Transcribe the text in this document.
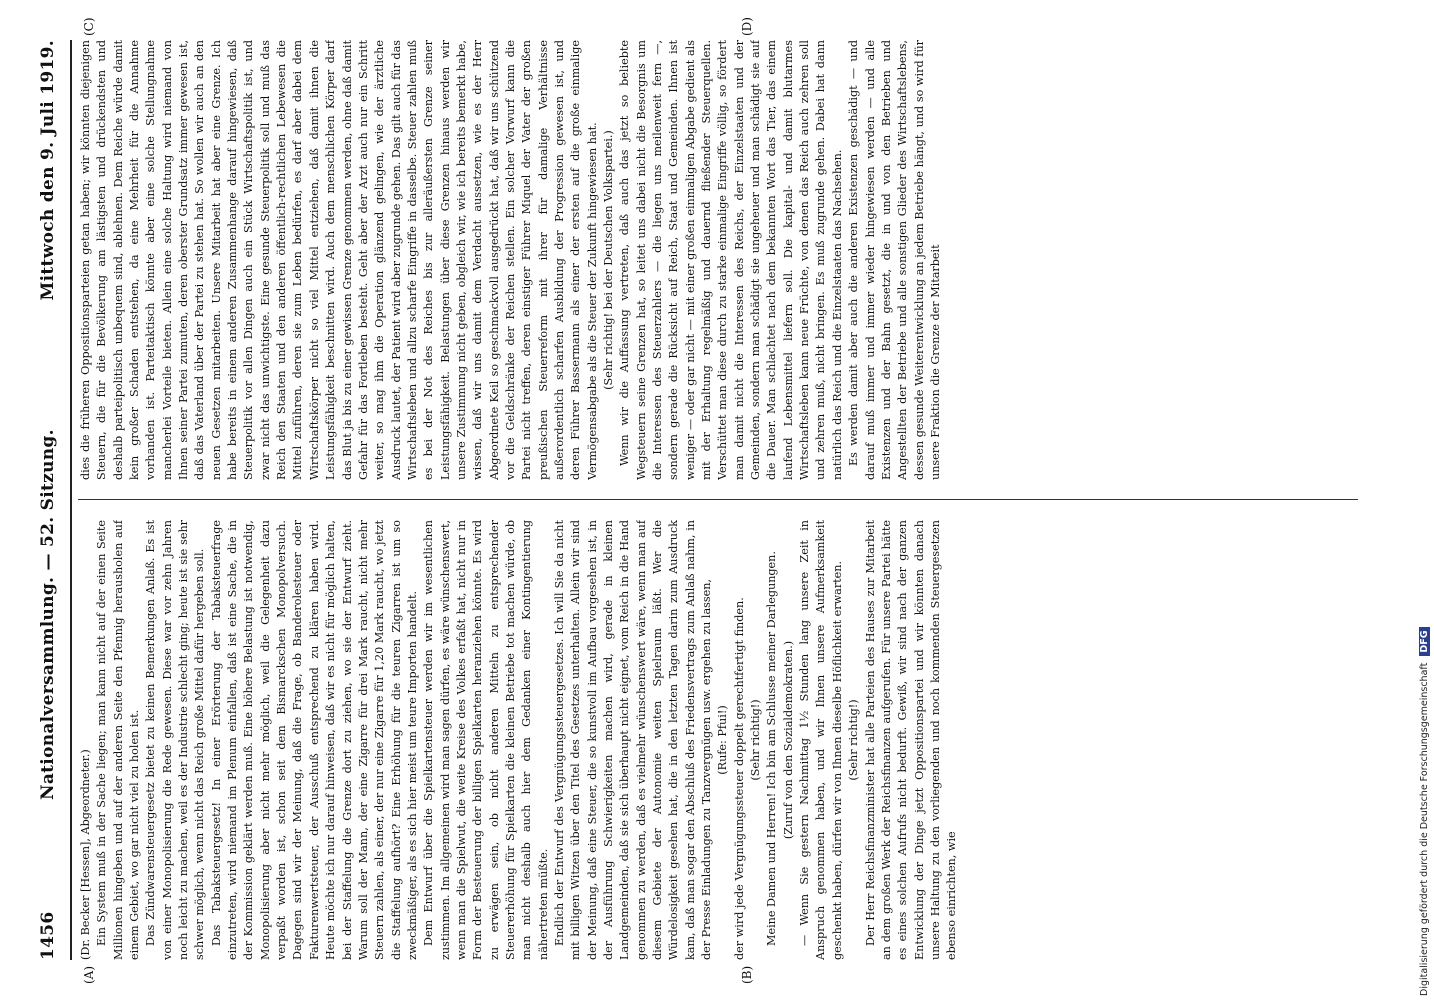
1456
Nationalversammlung. — 52. Sitzung.
Mittwoch den 9. Juli 1919.
(A)	(B)
(C)	(D)

(Dr. Becker [Hessen], Abgeordneter.) Ein System muß in der Sache liegen; man kann nicht auf der einen Seite Millionen hingeben und auf der anderen Seite den Pfennig herausholen auf einem Gebiet, wo gar nicht viel zu holen ist. Das Zündwarensteuergesetz bietet zu keinen Bemerkungen Anlaß. Es ist von einer Monopolisierung die Rede gewesen. Diese war vor zehn Jahren noch leicht zu machen, weil es der Industrie schlecht ging; heute ist sie sehr schwer möglich, wenn nicht das Reich große Mittel dafür hergeben soll. Das Tabaksteuergesetz! In einer Erörterung der Tabaksteuerfrage einzutreten, wird niemand im Plenum einfallen, daß ist eine Sache, die in der Kommission geklärt werden muß. Eine höhere Belastung ist notwendig, Monopolisierung aber nicht mehr möglich, weil die Gelegenheit dazu verpaßt worden ist, schon seit dem Bismarckschen Monopolversuch. Dagegen sind wir der Meinung, daß die Frage, ob Banderolesteuer oder Fakturenwertsteuer, der Ausschuß entsprechend zu klären haben wird. Heute möchte ich nur darauf hinweisen, daß wir es nicht für möglich halten, bei der Staffelung die Grenze dort zu ziehen, wo sie der Entwurf zieht. Warum soll der Mann, der eine Zigarre für drei Mark raucht, nicht mehr Steuern zahlen, als einer, der nur eine Zigarre für 1,20 Mark raucht, wo jetzt die Staffelung aufhört? Eine Erhöhung für die teuren Zigarren ist um so zweckmäßiger, als es sich hier meist um teure Importen handelt. Dem Entwurf über die Spielkartensteuer werden wir im wesentlichen zustimmen. Im allgemeinen wird man sagen dürfen, es wäre wünschenswert, wenn man die Spielwut, die weite Kreise des Volkes erfaßt hat, nicht nur in Form der Besteuerung der billigen Spielkarten heranziehen könnte. Es wird zu erwägen sein, ob nicht anderen Mitteln zu entsprechender Steuererhöhung für Spielkarten die kleinen Betriebe tot machen würde, ob man nicht deshalb auch hier dem Gedanken einer Kontingentierung nähertreten müßte. Endlich der Entwurf des Vergnügungssteuergesetzes. Ich will Sie da nicht mit billigen Witzen über den Titel des Gesetzes unterhalten. Allein wir sind der Meinung, daß eine Steuer, die so kunstvoll im Aufbau vorgesehen ist, in der Ausführung Schwierigkeiten machen wird, gerade in kleinen Landgemeinden, daß sie sich überhaupt nicht eignet, vom Reich in die Hand genommen zu werden, daß es vielmehr wünschenswert wäre, wenn man auf diesem Gebiete der Autonomie weiten Spielraum läßt. Wer die Würdelosigkeit gesehen hat, die in den letzten Tagen darin zum Ausdruck kam, daß man sogar den Abschluß des Friedensvertrags zum Anlaß nahm, in der Presse Einladungen zu Tanzvergnügen usw. ergehen zu lassen, (Rufe: Pfui!) der wird jede Vergnügungssteuer doppelt gerechtfertigt finden. (Sehr richtig!) Meine Damen und Herren! Ich bin am Schlusse meiner Darlegungen. (Zuruf von den Sozialdemokraten.) — Wenn Sie gestern Nachmittag 1½ Stunden lang unsere Zeit in Anspruch genommen haben, und wir Ihnen unsere Aufmerksamkeit geschenkt haben, dürfen wir von Ihnen dieselbe Höflichkeit erwarten. (Sehr richtig!) Der Herr Reichsfinanzminister hat alle Parteien des Hauses zur Mitarbeit an dem großen Werk der Reichsfinanzen aufgerufen. Für unsere Partei hätte es eines solchen Aufrufs nicht bedurft. Gewiß, wir sind nach der ganzen Entwicklung der Dinge jetzt Oppositionspartei und wir könnten danach unsere Haltung zu den vorliegenden und noch kommenden Steuergesetzen ebenso einrichten, wie

dies die früheren Oppositionsparteien getan haben; wir könnten diejenigen Steuern, die für die Bevölkerung am lästigsten und drückendsten und deshalb parteipolitisch unbequem sind, ablehnen. Dem Reiche würde damit kein großer Schaden entstehen, da eine Mehrheit für die Annahme vorhanden ist. Parteitaktisch könnte aber eine solche Stellungnahme mancherlei Vorteile bieten. Allein eine solche Haltung wird niemand von Ihnen seiner Partei zumuten, deren oberster Grundsatz immer gewesen ist, daß das Vaterland über der Partei zu stehen hat. So wollen wir auch an den neuen Gesetzen mitarbeiten. Unsere Mitarbeit hat aber eine Grenze. Ich habe bereits in einem anderen Zusammenhange darauf hingewiesen, daß Steuerpolitik vor allen Dingen auch ein Stück Wirtschaftspolitik ist, und zwar nicht das unwichtigste. Eine gesunde Steuerpolitik soll und muß das Reich den Staaten und den anderen öffentlich-rechtlichen Lebewesen die Mittel zuführen, deren sie zum Leben bedürfen, es darf aber dabei dem Wirtschaftskörper nicht so viel Mittel entziehen, daß damit ihnen die Leistungsfähigkeit beschnitten wird. Auch dem menschlichen Körper darf das Blut ja bis zu einer gewissen Grenze genommen werden, ohne daß damit Gefahr für das Fortleben besteht. Geht aber der Arzt auch nur ein Schritt weiter, so mag ihm die Operation glänzend gelingen, wie der ärztliche Ausdruck lautet, der Patient wird aber zugrunde gehen. Das gilt auch für das Wirtschaftsleben und allzu scharfe Eingriffe in dasselbe. Steuer zahlen muß es bei der Not des Reiches bis zur alleräußersten Grenze seiner Leistungsfähigkeit. Belastungen über diese Grenzen hinaus werden wir unsere Zustimmung nicht geben, obgleich wir, wie ich bereits bemerkt habe, wissen, daß wir uns damit dem Verdacht aussetzen, wie es der Herr Abgeordnete Keil so geschmackvoll ausgedrückt hat, daß wir uns schützend vor die Geldschränke der Reichen stellen. Ein solcher Vorwurf kann die Partei nicht treffen, deren einstiger Führer Miquel der Vater der großen preußischen Steuerreform mit ihrer für damalige Verhältnisse außerordentlich scharfen Ausbildung der Progression gewesen ist, und deren Führer Bassermann als einer der ersten auf die große einmalige Vermögensabgabe als die Steuer der Zukunft hingewiesen hat. (Sehr richtig! bei der Deutschen Volkspartei.) Wenn wir die Auffassung vertreten, daß auch das jetzt so beliebte Wegsteuern seine Grenzen hat, so leitet uns dabei nicht die Besorgnis um die Interessen des Steuerzahlers — die liegen uns meilenweit fern —, sondern gerade die Rücksicht auf Reich, Staat und Gemeinden. Ihnen ist weniger — oder gar nicht — mit einer großen einmaligen Abgabe gedient als mit der Erhaltung regelmäßig und dauernd fließender Steuerquellen. Verschüttet man diese durch zu starke einmalige Eingriffe völlig, so fördert man damit nicht die Interessen des Reichs, der Einzelstaaten und der Gemeinden, sondern man schädigt sie ungeheuer und man schädigt sie auf die Dauer. Man schlachtet nach dem bekannten Wort das Tier, das einem laufend Lebensmittel liefern soll. Die kapital- und damit blutarmes Wirtschaftsleben kann neue Früchte, von denen das Reich auch zehren soll und zehren muß, nicht bringen. Es muß zugrunde gehen. Dabei hat dann natürlich das Reich und die Einzelstaaten das Nachsehen. Es werden damit aber auch die anderen Existenzen geschädigt — und darauf muß immer und immer wieder hingewiesen werden — und alle Existenzen und der Bahn gesetzt, die in und von den Betrieben und Angestellten der Betriebe und alle sonstigen Glieder des Wirtschaftslebens, dessen gesunde Weiterentwicklung an jedem Betriebe hängt, und so wird für unsere Fraktion die Grenze der Mitarbeit

Digitalisierung gefördert durch die Deutsche Forschungsgemeinschaft DFG
